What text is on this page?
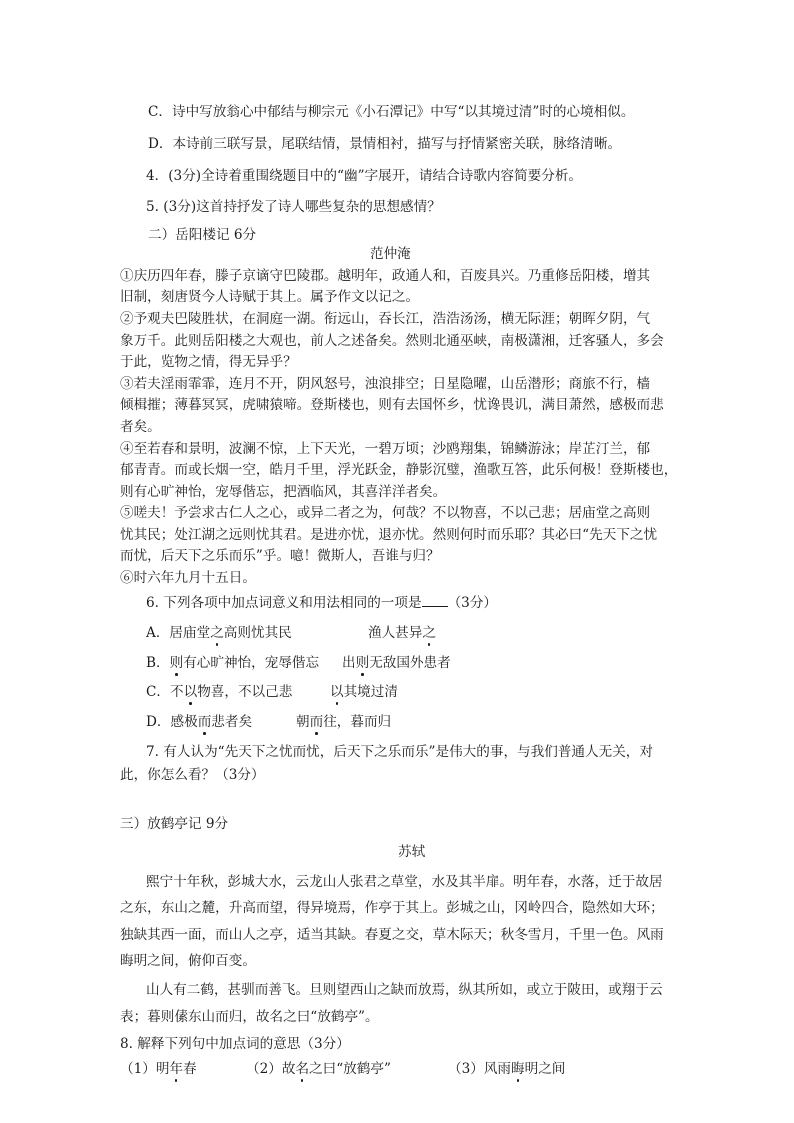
C．诗中写放翁心中郁结与柳宗元《小石潭记》中写“以其境过清”时的心境相似。
D．本诗前三联写景，尾联结情，景情相衬，描写与抒情紧密关联，脉络清晰。
4．(3分)全诗着重围绕题目中的“幽”字展开，请结合诗歌内容简要分析。
5. (3分)这首持抒发了诗人哪些复杂的思想感情？
二）岳阳楼记 6分
范仲淹
①庆历四年春，滕子京谪守巴陵郡。越明年，政通人和，百废具兴。乃重修岳阳楼，增其
旧制，刻唐贤今人诗赋于其上。属予作文以记之。
②予观夫巴陵胜状，在洞庭一湖。衔远山，吞长江，浩浩汤汤，横无际涯；朝晖夕阴，气
象万千。此则岳阳楼之大观也，前人之述备矣。然则北通巫峡，南极潇湘，迁客骚人，多会
于此，览物之情，得无异乎？
③若夫淫雨霏霏，连月不开，阴风怒号，浊浪排空；日星隐曜，山岳潜形；商旅不行，樯
倾楫摧；薄暮冥冥，虎啸猿啼。登斯楼也，则有去国怀乡，忧谗畏讥，满目萧然，感极而悲
者矣。
④至若春和景明，波澜不惊，上下天光，一碧万顷；沙鸥翔集，锦鳞游泳；岸芷汀兰，郁
郁青青。而或长烟一空，皓月千里，浮光跃金，静影沉璧，渔歌互答，此乐何极！登斯楼也，
则有心旷神怡，宠辱偕忘，把酒临风，其喜洋洋者矣。
⑤嗟夫！予尝求古仁人之心，或异二者之为，何哉？不以物喜，不以己悲；居庙堂之高则
忧其民；处江湖之远则忧其君。是进亦忧，退亦忧。然则何时而乐耶？其必曰“先天下之忧
而忧，后天下之乐而乐”乎。噫！微斯人，吾谁与归？
⑥时六年九月十五日。
6. 下列各项中加点词意义和用法相同的一项是 （3分）
A．居庙堂之高则忧其民	渔人甚异之
B．则有心旷神怡，宠辱偕忘 出则无敌国外患者
C．不以物喜，不以己悲	以其境过清
D．感极而悲者矣	朝而往，暮而归
7. 有人认为“先天下之忧而忧，后天下之乐而乐”是伟大的事，与我们普通人无关，对
此，你怎么看？（3分）
三）放鹤亭记 9分
苏轼
熙宁十年秋，彭城大水，云龙山人张君之草堂，水及其半扉。明年春，水落，迁于故居
之东，东山之麓，升高而望，得异境焉，作亭于其上。彭城之山，冈岭四合，隐然如大环；
独缺其西一面，而山人之亭，适当其缺。春夏之交，草木际天；秋冬雪月，千里一色。风雨
晦明之间，俯仰百变。
山人有二鹤，甚驯而善飞。旦则望西山之缺而放焉，纵其所如，或立于陂田，或翔于云
表；暮则傃东山而归，故名之曰“放鹤亭”。
8. 解释下列句中加点词的意思（3分）
（1）明年春	（2）故名之曰“放鹤亭”	（3）风雨晦明之间
